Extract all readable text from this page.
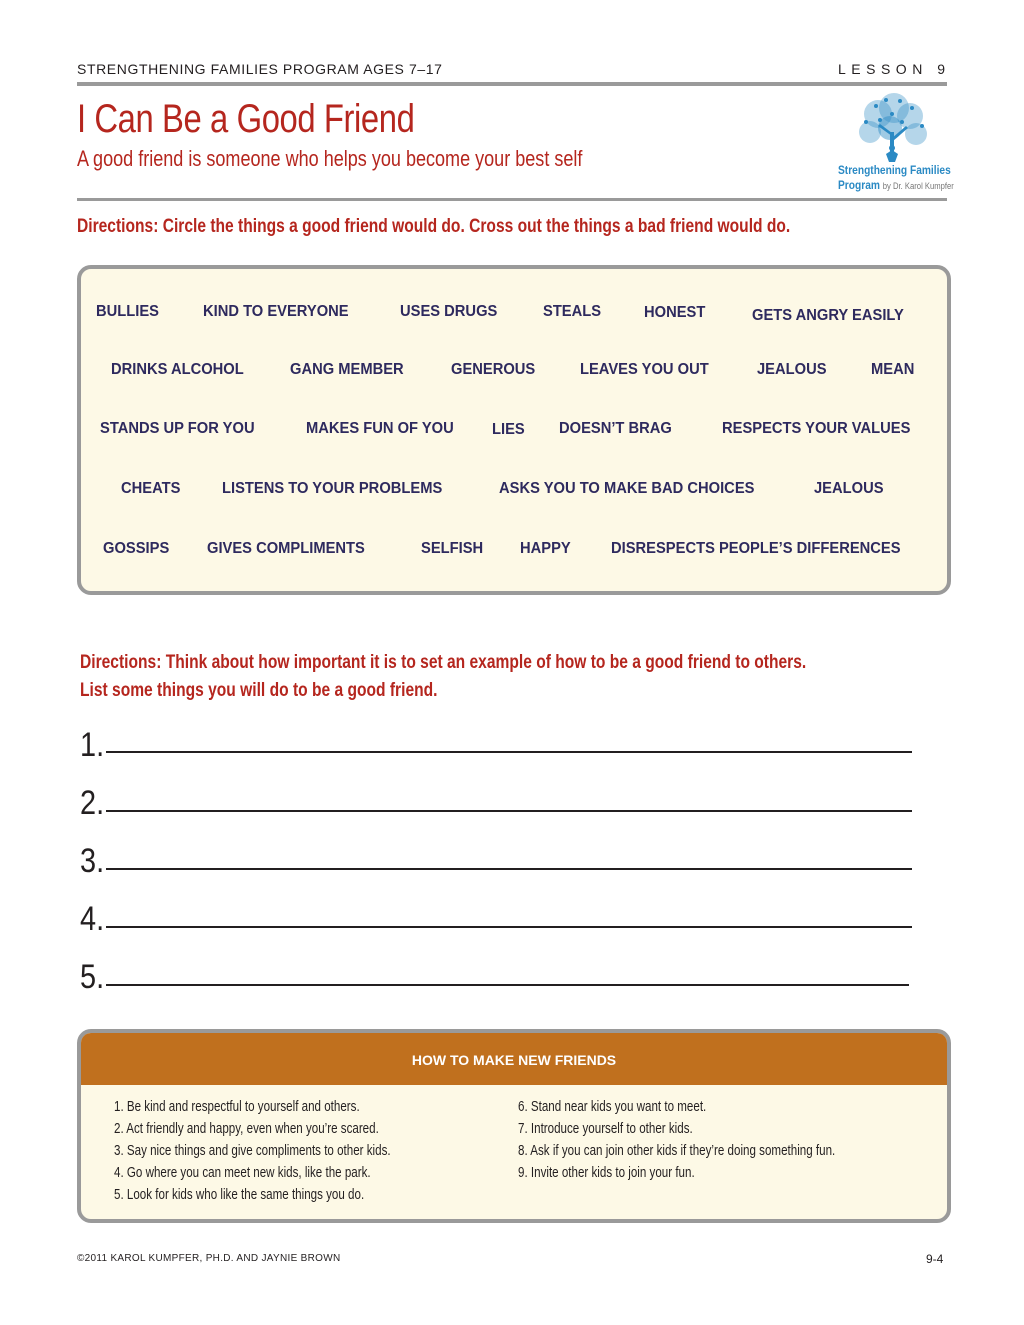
STRENGTHENING FAMILIES PROGRAM AGES 7–17	LESSON 9
I Can Be a Good Friend
A good friend is someone who helps you become your best self	Strengthening Families
Program by Dr. Karol Kumpfer
Directions: Circle the things a good friend would do. Cross out the things a bad friend would do.
BULLIES	KIND TO EVERYONE	USES DRUGS	STEALS	HONEST	GETS ANGRY EASILY
DRINKS ALCOHOL	GANG MEMBER	GENEROUS	LEAVES YOU OUT	JEALOUS	MEAN
STANDS UP FOR YOU	MAKES FUN OF YOU LIES DOESN’T BRAG	RESPECTS YOUR VALUES
CHEATS	LISTENS TO YOUR PROBLEMS	ASKS YOU TO MAKE BAD CHOICES	JEALOUS
GOSSIPS GIVES COMPLIMENTS	SELFISH HAPPY	DISRESPECTS PEOPLE’S DIFFERENCES
Directions: Think about how important it is to set an example of how to be a good friend to others.
List some things you will do to be a good friend.
1.
2.
3.
4.
5.
HOW TO MAKE NEW FRIENDS
1. Be kind and respectful to yourself and others.
2. Act friendly and happy, even when you’re scared.
3. Say nice things and give compliments to other kids.
4. Go where you can meet new kids, like the park.
5. Look for kids who like the same things you do.
6. Stand near kids you want to meet.
7. Introduce yourself to other kids.
8. Ask if you can join other kids if they’re doing something fun.
9. Invite other kids to join your fun.
©2011 KAROL KUMPFER, PH.D. AND JAYNIE BROWN	9-4
